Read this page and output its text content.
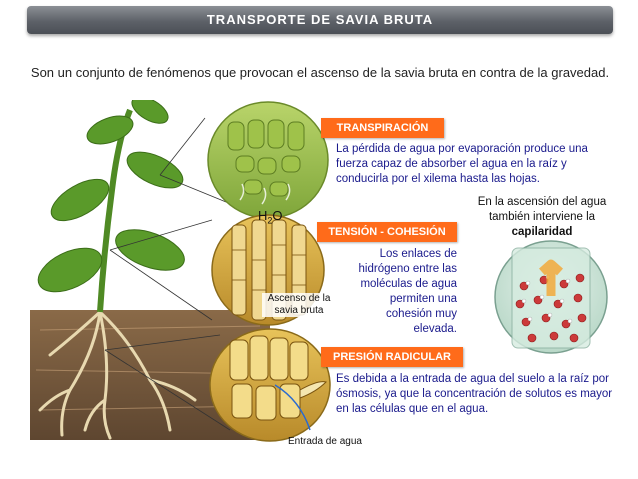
TRANSPORTE DE SAVIA BRUTA
Son un conjunto de fenómenos que provocan el ascenso de la savia bruta en contra de la gravedad.
$H_2O$
Ascenso de la savia bruta
Entrada de agua
TRANSPIRACIÓN
La pérdida de agua por evaporación produce una fuerza capaz de absorber el agua en la raíz y conducirla por el xilema hasta las hojas.
TENSIÓN - COHESIÓN
Los enlaces de hidrógeno entre las moléculas de agua permiten una cohesión muy elevada.
En la ascensión del agua también interviene la capilaridad
PRESIÓN RADICULAR
Es debida a la entrada de agua del suelo a la raíz por ósmosis, ya que la concentración de solutos es mayor en las células que en el agua.
